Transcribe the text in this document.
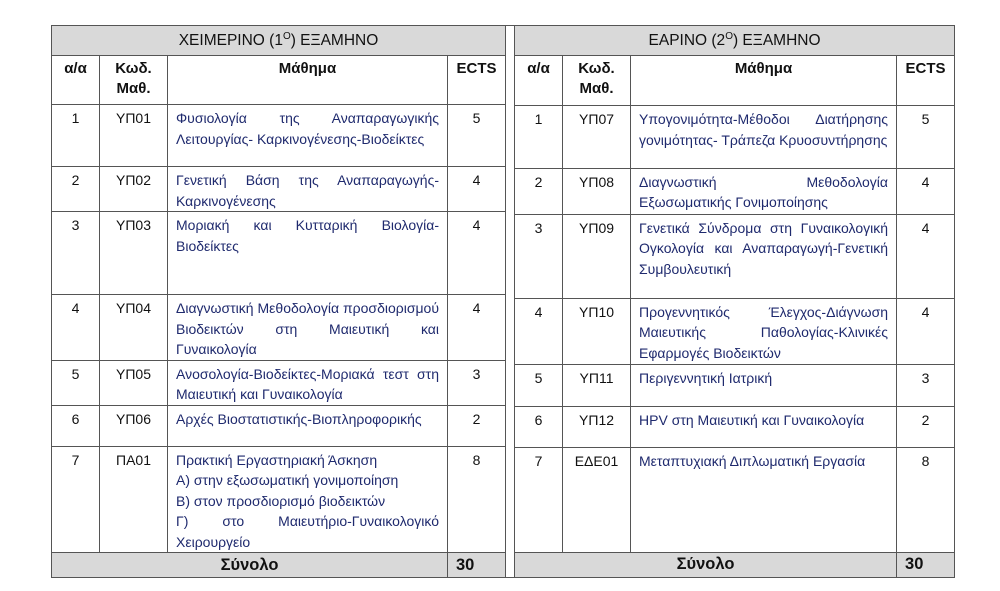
ΧΕΙΜΕΡΙΝΟ $(1^O)$ ΕΞΑΜΗΝΟ			
α/α	Κωδ. Μαθ.	Μάθημα	ECTS
1	ΥΠ01	Φυσιολογία της Αναπαραγωγικής Λειτουργίας- Καρκινογένεσης-Βιοδείκτες	5
2	ΥΠ02	Γενετική Βάση της Αναπαραγωγής-Καρκινογένεσης	4
3	ΥΠ03	Μοριακή και Κυτταρική Βιολογία-Βιοδείκτες	4
4	ΥΠ04	Διαγνωστική Μεθοδολογία προσδιορισμού Βιοδεικτών στη Μαιευτική και Γυναικολογία	4
5	ΥΠ05	Ανοσολογία-Βιοδείκτες-Μοριακά τεστ στη Μαιευτική και Γυναικολογία	3
6	ΥΠ06	Αρχές Βιοστατιστικής-Βιοπληροφορικής	2
7	ΠΑ01	Πρακτική Εργαστηριακή Άσκηση
Α) στην εξωσωματική γονιμοποίηση
Β) στον προσδιορισμό βιοδεικτών
Γ) στο Μαιευτήριο-Γυναικολογικό Χειρουργείο	8
Σύνολο			30
ΕΑΡΙΝΟ $(2^O)$ ΕΞΑΜΗΝΟ			
α/α	Κωδ. Μαθ.	Μάθημα	ECTS
1	ΥΠ07	Υπογονιμότητα-Μέθοδοι Διατήρησης γονιμότητας- Τράπεζα Κρυοσυντήρησης	5
2	ΥΠ08	Διαγνωστική Μεθοδολογία Εξωσωματικής Γονιμοποίησης	4
3	ΥΠ09	Γενετικά Σύνδρομα στη Γυναικολογική Ογκολογία και Αναπαραγωγή-Γενετική Συμβουλευτική	4
4	ΥΠ10	Προγεννητικός Έλεγχος-Διάγνωση Μαιευτικής Παθολογίας-Κλινικές Εφαρμογές Βιοδεικτών	4
5	ΥΠ11	Περιγεννητική Ιατρική	3
6	ΥΠ12	HPV στη Μαιευτική και Γυναικολογία	2
7	ΕΔΕ01	Μεταπτυχιακή Διπλωματική Εργασία	8
Σύνολο			30
